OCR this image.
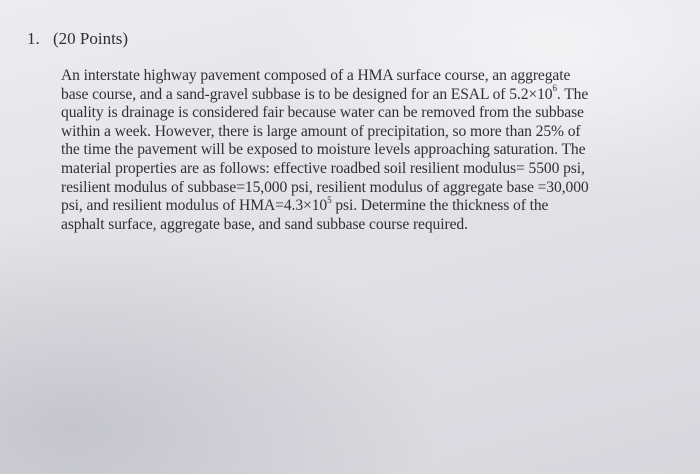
1. (20 Points)
An interstate highway pavement composed of a HMA surface course, an aggregate
base course, and a sand-gravel subbase is to be designed for an ESAL of $5.2\times 10^6$. The
quality is drainage is considered fair because water can be removed from the subbase
within a week. However, there is large amount of precipitation, so more than 25% of
the time the pavement will be exposed to moisture levels approaching saturation. The
material properties are as follows: effective roadbed soil resilient modulus= 5500 psi,
resilient modulus of subbase=15,000 psi, resilient modulus of aggregate base =30,000
psi, and resilient modulus of $HMA=4.3\times 10^5$ psi. Determine the thickness of the
asphalt surface, aggregate base, and sand subbase course required.
